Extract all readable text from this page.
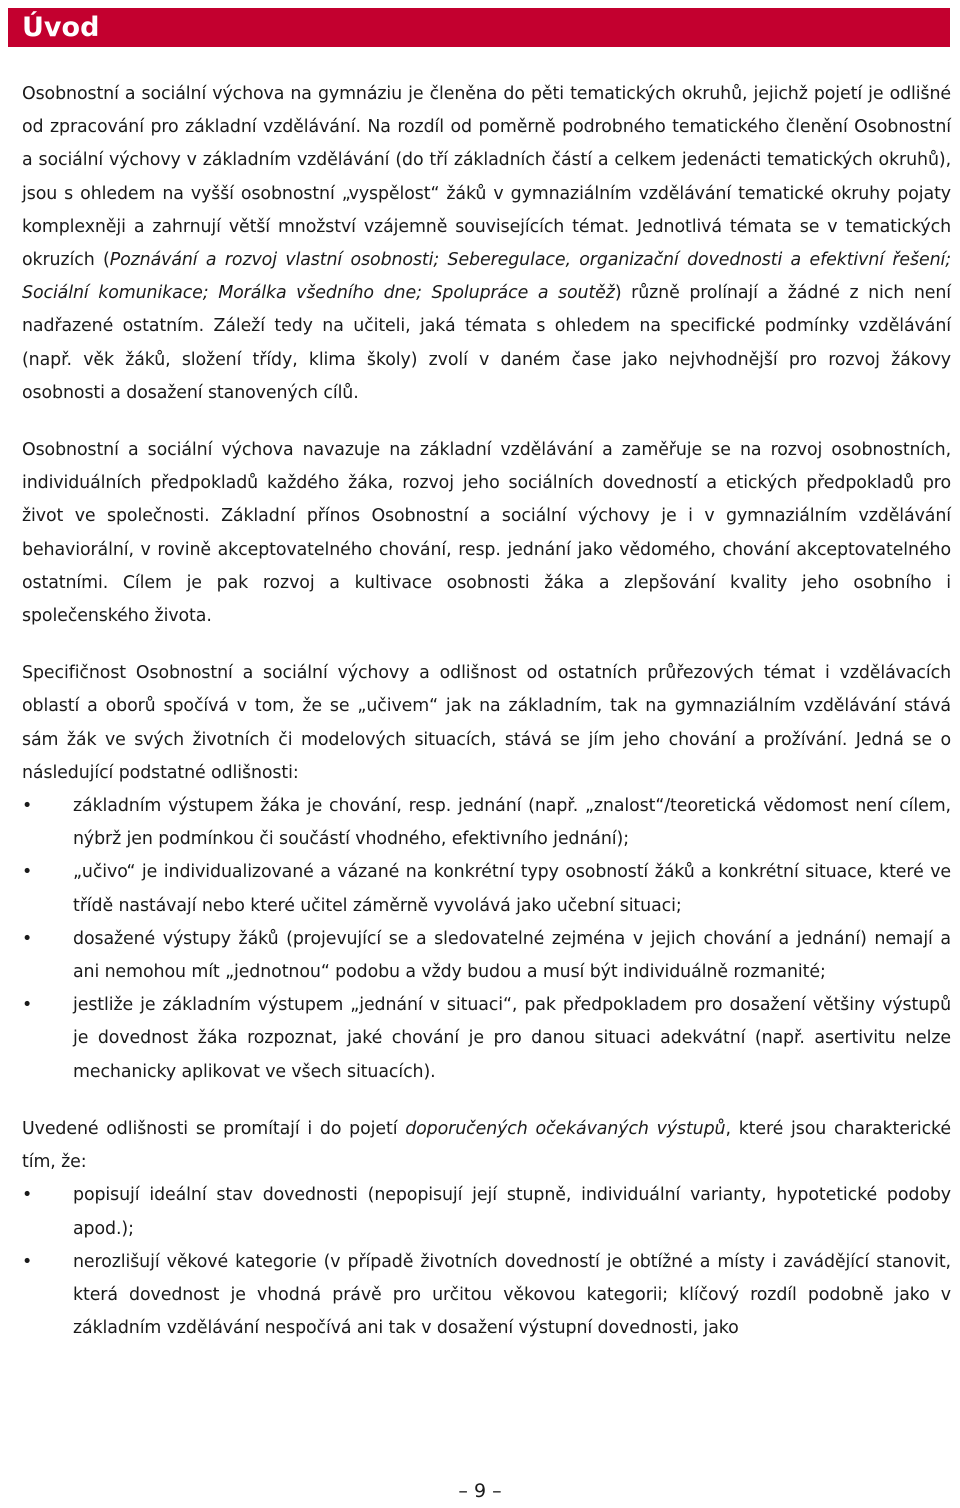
Úvod

Osobnostní a sociální výchova na gymnáziu je členěna do pěti tematických okruhů, jejichž pojetí je odlišné od zpracování pro základní vzdělávání. Na rozdíl od poměrně podrobného tematického členění Osobnostní a sociální výchovy v základním vzdělávání (do tří základních částí a celkem jedenácti tematických okruhů), jsou s ohledem na vyšší osobnostní „vyspělost“ žáků v gymnaziálním vzdělávání tematické okruhy pojaty komplexněji a zahrnují větší množství vzájemně souvisejících témat. Jednotlivá témata se v tematických okruzích (Poznávání a rozvoj vlastní osobnosti; Seberegulace, organizační dovednosti a efektivní řešení; Sociální komunikace; Morálka všedního dne; Spolupráce a soutěž) různě prolínají a žádné z nich není nadřazené ostatním. Záleží tedy na učiteli, jaká témata s ohledem na specifické podmínky vzdělávání (např. věk žáků, složení třídy, klima školy) zvolí v daném čase jako nejvhodnější pro rozvoj žákovy osobnosti a dosažení stanovených cílů.

Osobnostní a sociální výchova navazuje na základní vzdělávání a zaměřuje se na rozvoj osobnostních, individuálních předpokladů každého žáka, rozvoj jeho sociálních dovedností a etických předpokladů pro život ve společnosti. Základní přínos Osobnostní a sociální výchovy je i v gymnaziálním vzdělávání behaviorální, v rovině akceptovatelného chování, resp. jednání jako vědomého, chování akceptovatelného ostatními. Cílem je pak rozvoj a kultivace osobnosti žáka a zlepšování kvality jeho osobního i společenského života.

Specifičnost Osobnostní a sociální výchovy a odlišnost od ostatních průřezových témat i vzdělávacích oblastí a oborů spočívá v tom, že se „učivem“ jak na základním, tak na gymnaziálním vzdělávání stává sám žák ve svých životních či modelových situacích, stává se jím jeho chování a prožívání. Jedná se o následující podstatné odlišnosti:

• základním výstupem žáka je chování, resp. jednání (např. „znalost“/teoretická vědomost není cílem, nýbrž jen podmínkou či součástí vhodného, efektivního jednání);
• „učivo“ je individualizované a vázané na konkrétní typy osobností žáků a konkrétní situace, které ve třídě nastávají nebo které učitel záměrně vyvolává jako učební situaci;
• dosažené výstupy žáků (projevující se a sledovatelné zejména v jejich chování a jednání) nemají a ani nemohou mít „jednotnou“ podobu a vždy budou a musí být individuálně rozmanité;
• jestliže je základním výstupem „jednání v situaci“, pak předpokladem pro dosažení většiny výstupů je dovednost žáka rozpoznat, jaké chování je pro danou situaci adekvátní (např. asertivitu nelze mechanicky aplikovat ve všech situacích).

Uvedené odlišnosti se promítají i do pojetí doporučených očekávaných výstupů, které jsou charakterické tím, že:

• popisují ideální stav dovednosti (nepopisují její stupně, individuální varianty, hypotetické podoby apod.);
• nerozlišují věkové kategorie (v případě životních dovedností je obtížné a místy i zavádějící stanovit, která dovednost je vhodná právě pro určitou věkovou kategorii; klíčový rozdíl podobně jako v základním vzdělávání nespočívá ani tak v dosažení výstupní dovednosti, jako
– 9 –
